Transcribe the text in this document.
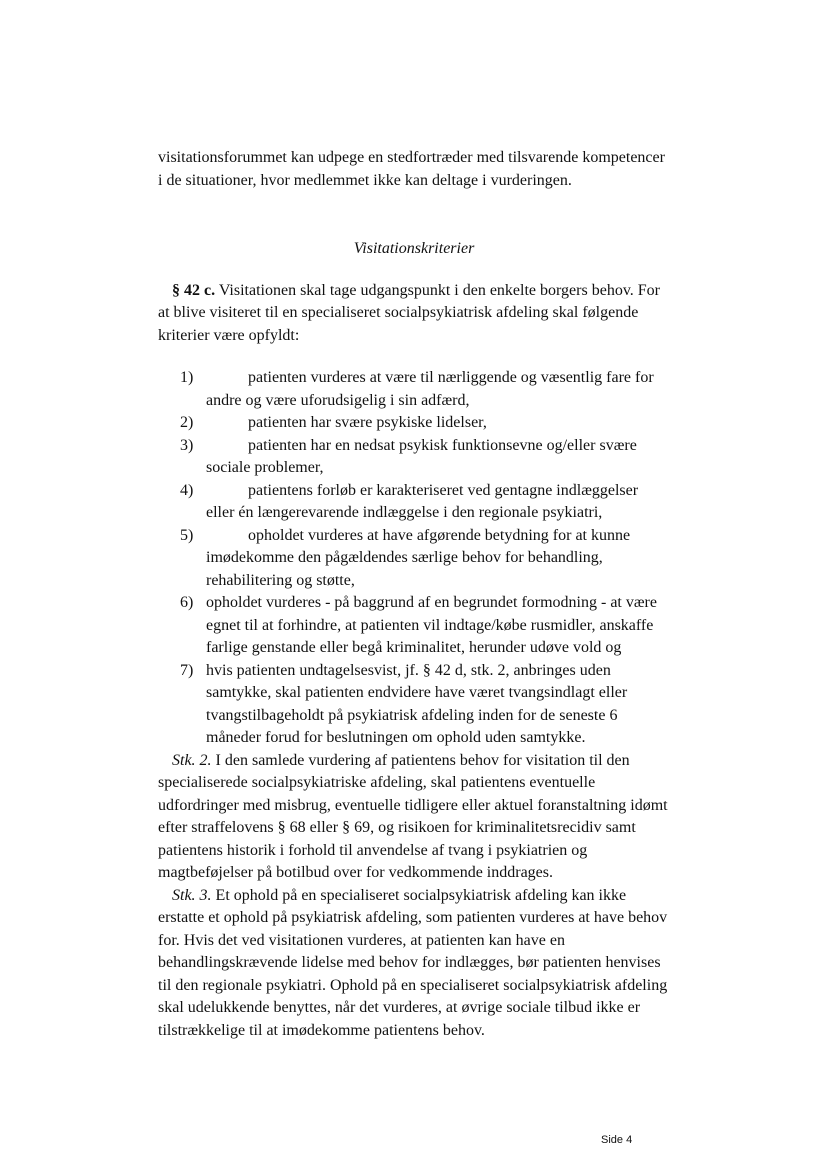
visitationsforummet kan udpege en stedfortræder med tilsvarende kompetencer i de situationer, hvor medlemmet ikke kan deltage i vurderingen.

Visitationskriterier

§ 42 c. Visitationen skal tage udgangspunkt i den enkelte borgers behov. For at blive visiteret til en specialiseret socialpsykiatrisk afdeling skal følgende kriterier være opfyldt:

1)	patienten vurderes at være til nærliggende og væsentlig fare for andre og være uforudsigelig i sin adfærd,
2)	patienten har svære psykiske lidelser,
3)	patienten har en nedsat psykisk funktionsevne og/eller svære sociale problemer,
4)	patientens forløb er karakteriseret ved gentagne indlæggelser eller én længerevarende indlæggelse i den regionale psykiatri,
5)	opholdet vurderes at have afgørende betydning for at kunne imødekomme den pågældendes særlige behov for behandling, rehabilitering og støtte,
6) opholdet vurderes - på baggrund af en begrundet formodning - at være egnet til at forhindre, at patienten vil indtage/købe rusmidler, anskaffe farlige genstande eller begå kriminalitet, herunder udøve vold og
7) hvis patienten undtagelsesvist, jf. § 42 d, stk. 2, anbringes uden samtykke, skal patienten endvidere have været tvangsindlagt eller tvangstilbageholdt på psykiatrisk afdeling inden for de seneste 6 måneder forud for beslutningen om ophold uden samtykke.

Stk. 2. I den samlede vurdering af patientens behov for visitation til den specialiserede socialpsykiatriske afdeling, skal patientens eventuelle udfordringer med misbrug, eventuelle tidligere eller aktuel foranstaltning idømt efter straffelovens § 68 eller § 69, og risikoen for kriminalitetsrecidiv samt patientens historik i forhold til anvendelse af tvang i psykiatrien og magtbeføjelser på botilbud over for vedkommende inddrages.

Stk. 3. Et ophold på en specialiseret socialpsykiatrisk afdeling kan ikke erstatte et ophold på psykiatrisk afdeling, som patienten vurderes at have behov for. Hvis det ved visitationen vurderes, at patienten kan have en behandlingskrævende lidelse med behov for indlægges, bør patienten henvises til den regionale psykiatri. Ophold på en specialiseret socialpsykiatrisk afdeling skal udelukkende benyttes, når det vurderes, at øvrige sociale tilbud ikke er tilstrækkelige til at imødekomme patientens behov.

Side 4
